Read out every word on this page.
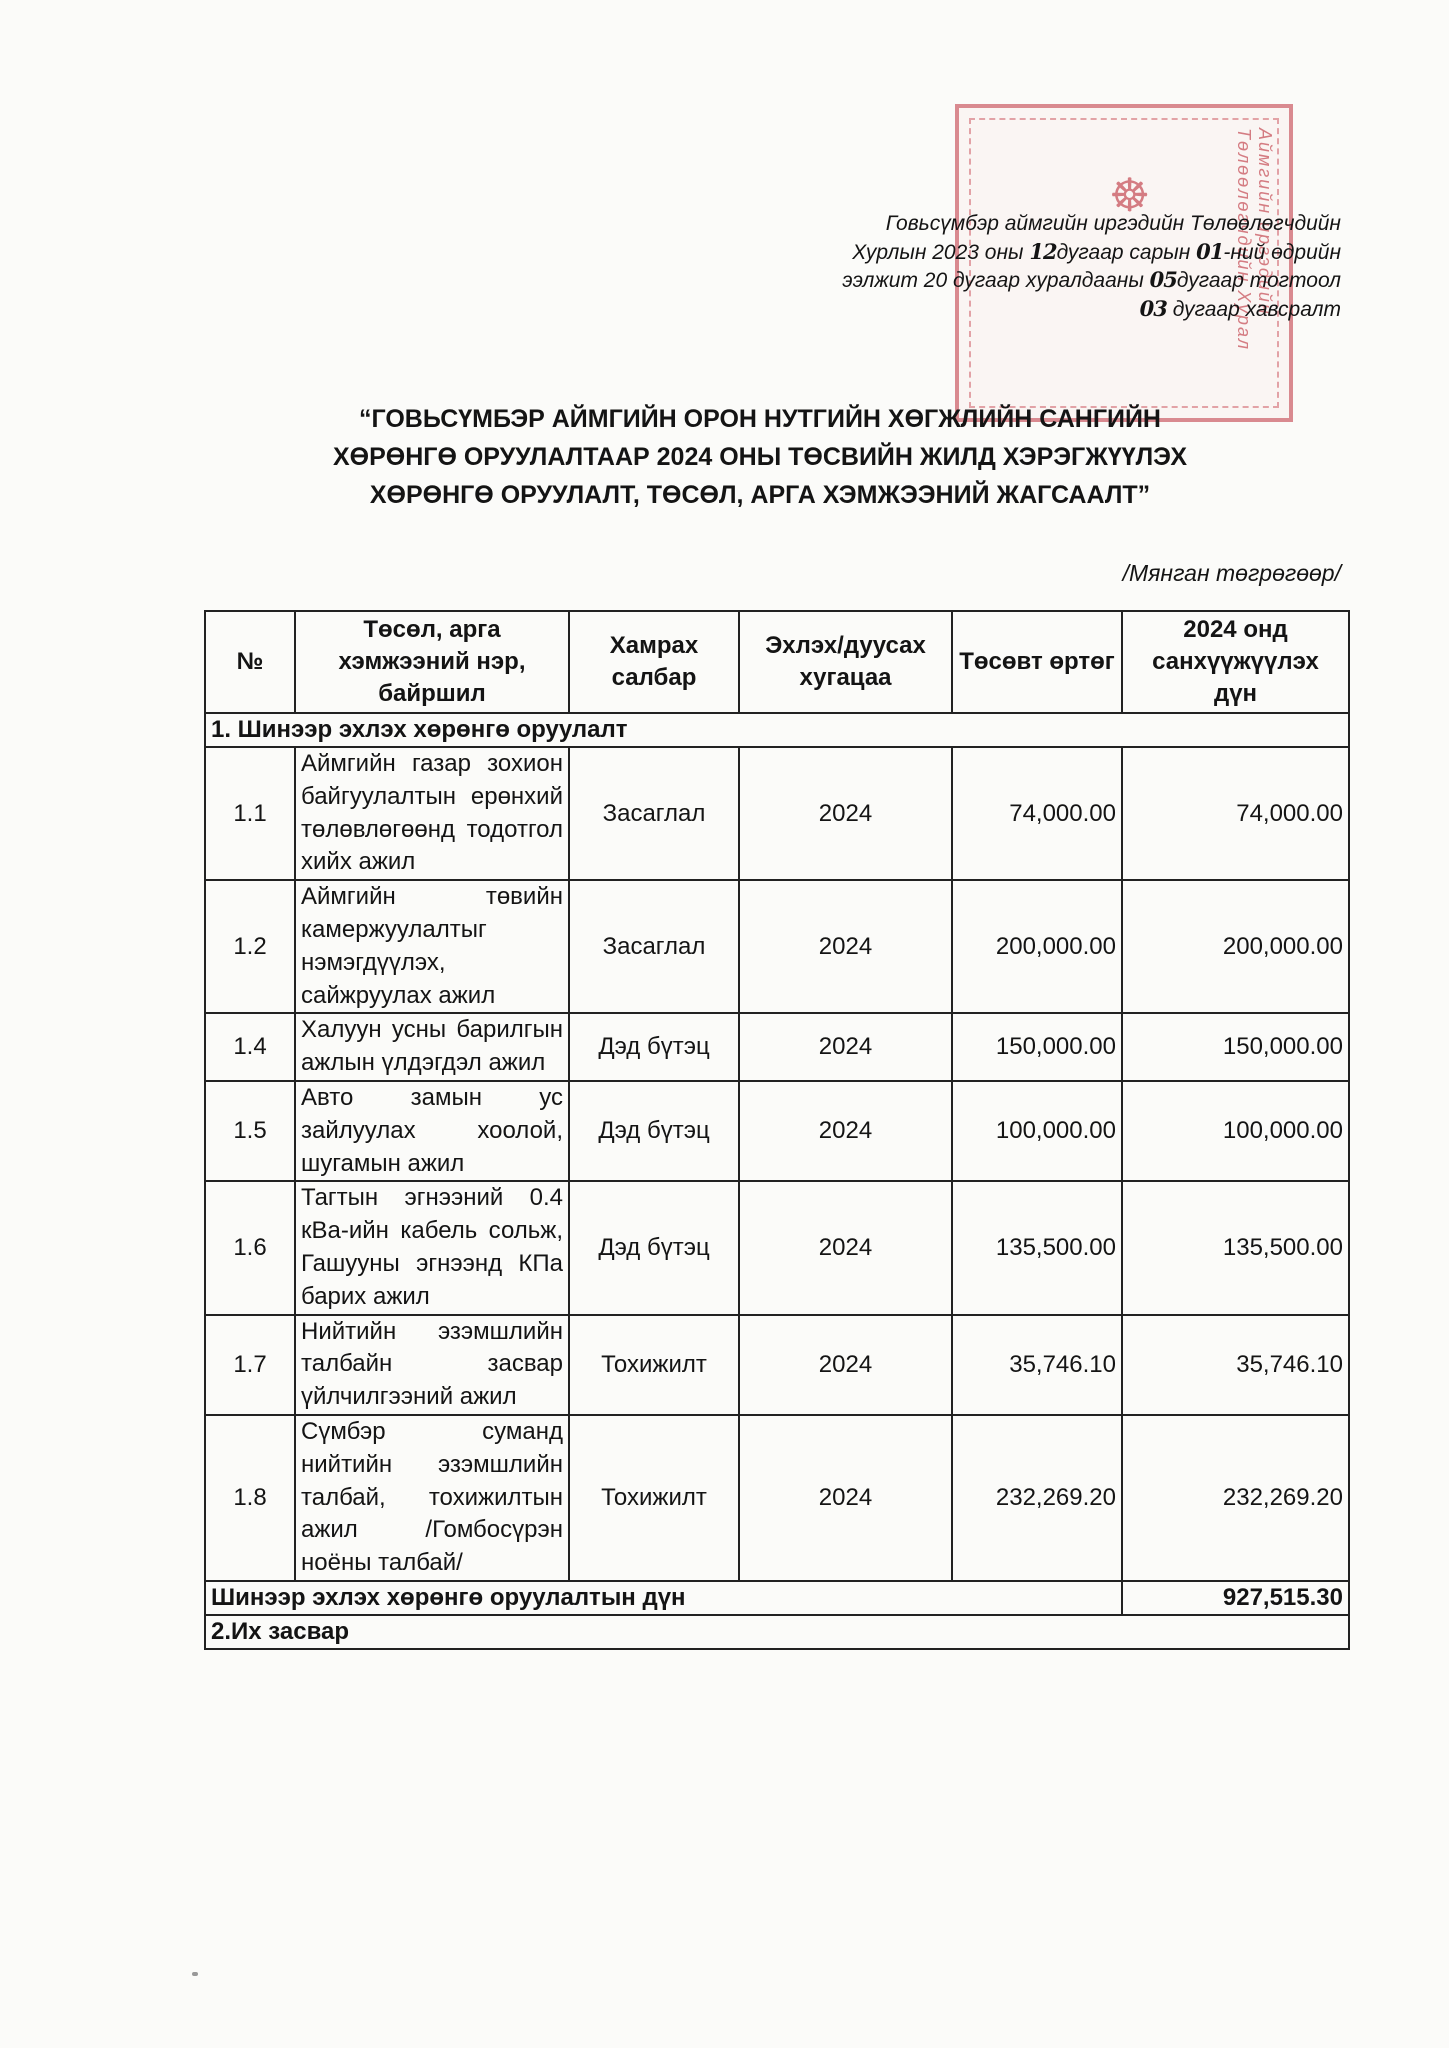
☸	Аймгийн иргэдийн Төлөөлөгчдийн Хурал
Говьсүмбэр аймгийн иргэдийн Төлөөлөгчдийн
Хурлын 2023 оны 12дугаар сарын 01-ний өдрийн
ээлжит 20 дугаар хуралдааны 05дугаар тогтоол
03 дугаар хавсралт
“ГОВЬСҮМБЭР АЙМГИЙН ОРОН НУТГИЙН ХӨГЖЛИЙН САНГИЙН
ХӨРӨНГӨ ОРУУЛАЛТААР 2024 ОНЫ ТӨСВИЙН ЖИЛД ХЭРЭГЖҮҮЛЭХ
ХӨРӨНГӨ ОРУУЛАЛТ, ТӨСӨЛ, АРГА ХЭМЖЭЭНИЙ ЖАГСААЛТ”
/Мянган төгрөгөөр/
№	Төсөл, арга хэмжээний нэр, байршил	Хамрах салбар	Эхлэх/дуусах хугацаа	Төсөвт өртөг	2024 онд санхүүжүүлэх дүн
1. Шинээр эхлэх хөрөнгө оруулалт					
1.1	Аймгийн газар зохион байгуулалтын ерөнхий төлөвлөгөөнд тодотгол хийх ажил	Засаглал	2024	74,000.00	74,000.00
1.2	Аймгийн төвийн камержуулалтыг нэмэгдүүлэх, сайжруулах ажил	Засаглал	2024	200,000.00	200,000.00
1.4	Халуун усны барилгын ажлын үлдэгдэл ажил	Дэд бүтэц	2024	150,000.00	150,000.00
1.5	Авто замын ус зайлуулах хоолой, шугамын ажил	Дэд бүтэц	2024	100,000.00	100,000.00
1.6	Тагтын эгнээний 0.4 кВа-ийн кабель сольж, Гашууны эгнээнд КПа барих ажил	Дэд бүтэц	2024	135,500.00	135,500.00
1.7	Нийтийн эзэмшлийн талбайн засвар үйлчилгээний ажил	Тохижилт	2024	35,746.10	35,746.10
1.8	Сүмбэр суманд нийтийн эзэмшлийн талбай, тохижилтын ажил /Гомбосүрэн ноёны талбай/	Тохижилт	2024	232,269.20	232,269.20
Шинээр эхлэх хөрөнгө оруулалтын дүн					927,515.30
2.Их засвар					
